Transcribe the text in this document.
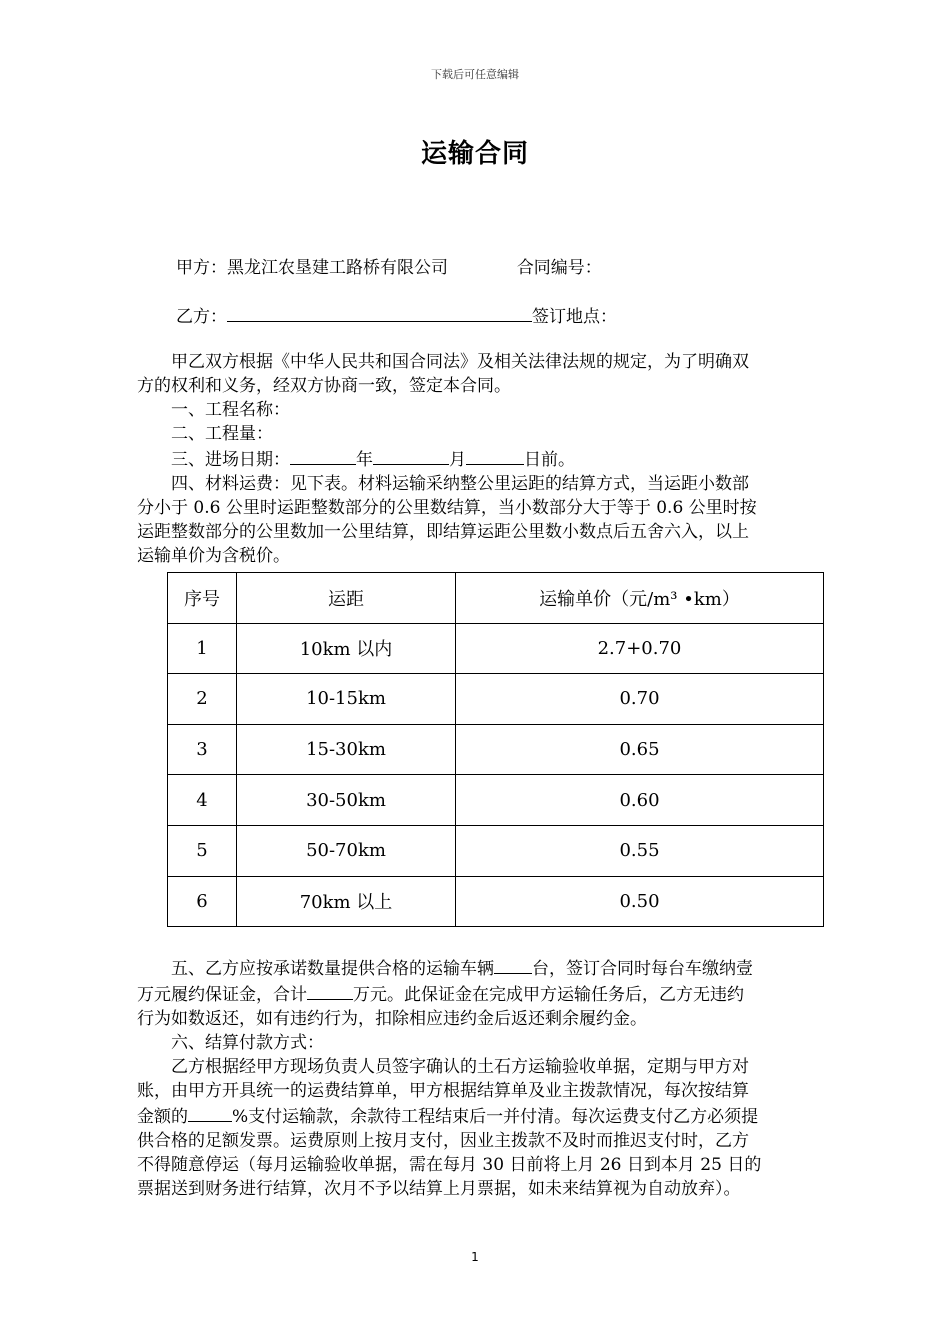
下载后可任意编辑
运输合同
甲方：黑龙江农垦建工路桥有限公司	合同编号：
乙方：	签订地点：

甲乙双方根据《中华人民共和国合同法》及相关法律法规的规定，为了明确双

方的权利和义务，经双方协商一致，签定本合同。

一、工程名称：

二、工程量：

三、进场日期：	年	月	日前。

四、材料运费：见下表。材料运输采纳整公里运距的结算方式，当运距小数部

分小于 0.6 公里时运距整数部分的公里数结算，当小数部分大于等于 0.6 公里时按

运距整数部分的公里数加一公里结算，即结算运距公里数小数点后五舍六入，以上

运输单价为含税价。

序号	运距	运输单价（元/m³ •km）
1	10km 以内	2.7+0.70
2	10-15km	0.70
3	15-30km	0.65
4	30-50km	0.60
5	50-70km	0.55
6	70km 以上	0.50

五、乙方应按承诺数量提供合格的运输车辆 台，签订合同时每台车缴纳壹

万元履约保证金，合计	万元。此保证金在完成甲方运输任务后，乙方无违约

行为如数返还，如有违约行为，扣除相应违约金后返还剩余履约金。

六、结算付款方式：

乙方根据经甲方现场负责人员签字确认的土石方运输验收单据，定期与甲方对

账，由甲方开具统一的运费结算单，甲方根据结算单及业主拨款情况，每次按结算

金额的	%支付运输款，余款待工程结束后一并付清。每次运费支付乙方必须提

供合格的足额发票。运费原则上按月支付，因业主拨款不及时而推迟支付时，乙方

不得随意停运（每月运输验收单据，需在每月 30 日前将上月 26 日到本月 25 日的

票据送到财务进行结算，次月不予以结算上月票据，如未来结算视为自动放弃）。

1
